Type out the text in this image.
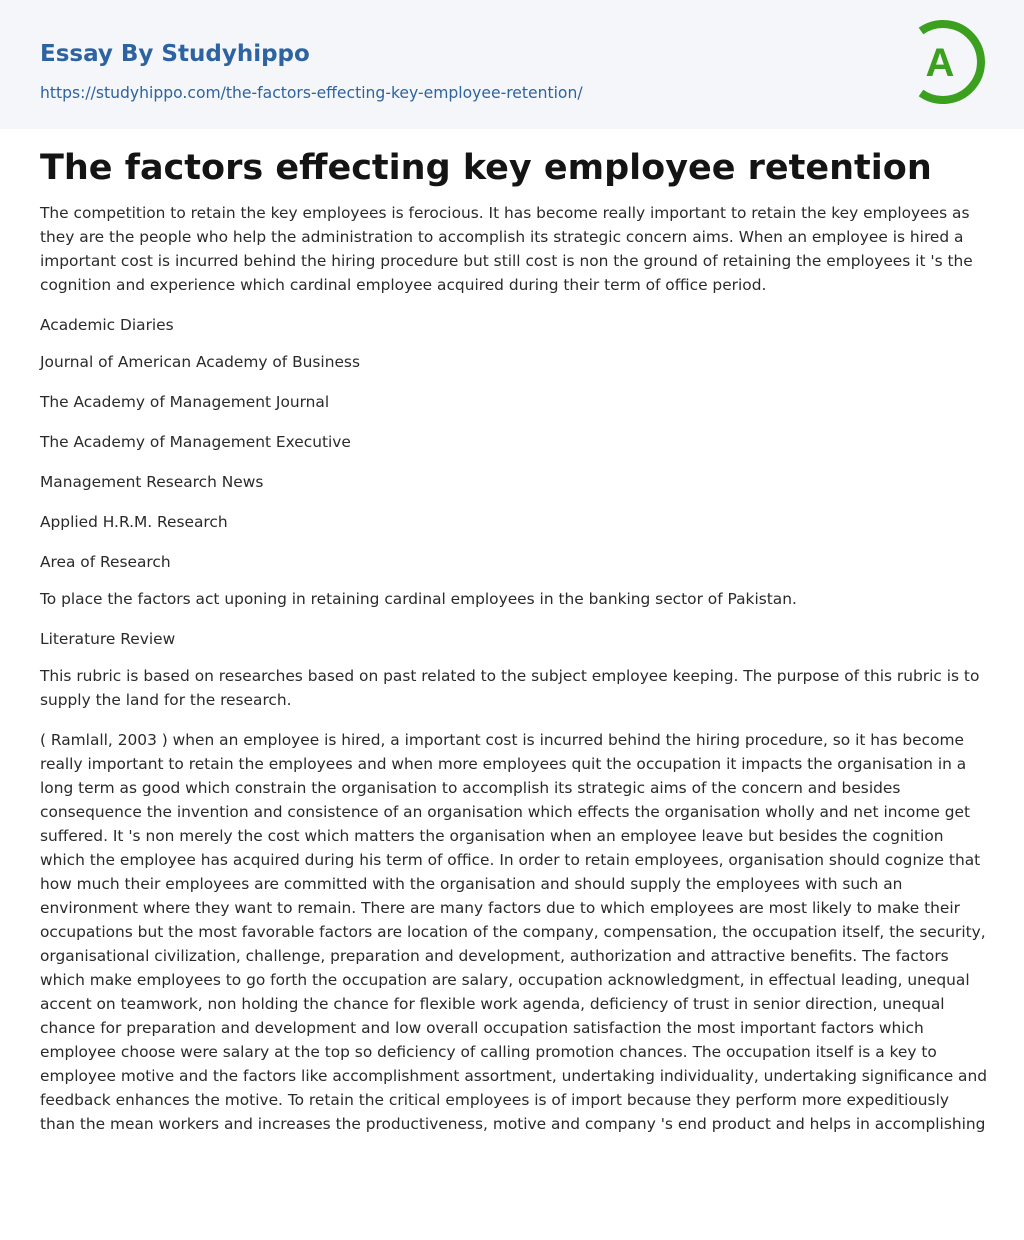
Essay By Studyhippo
https://studyhippo.com/the-factors-effecting-key-employee-retention/
A
The factors effecting key employee retention

The competition to retain the key employees is ferocious. It has become really important to retain the key employees as they are the people who help the administration to accomplish its strategic concern aims. When an employee is hired a important cost is incurred behind the hiring procedure but still cost is non the ground of retaining the employees it 's the cognition and experience which cardinal employee acquired during their term of office period.

Academic Diaries

Journal of American Academy of Business

The Academy of Management Journal

The Academy of Management Executive

Management Research News

Applied H.R.M. Research

Area of Research

To place the factors act uponing in retaining cardinal employees in the banking sector of Pakistan.

Literature Review

This rubric is based on researches based on past related to the subject employee keeping. The purpose of this rubric is to supply the land for the research.

( Ramlall, 2003 ) when an employee is hired, a important cost is incurred behind the hiring procedure, so it has become really important to retain the employees and when more employees quit the occupation it impacts the organisation in a long term as good which constrain the organisation to accomplish its strategic aims of the concern and besides consequence the invention and consistence of an organisation which effects the organisation wholly and net income get suffered. It 's non merely the cost which matters the organisation when an employee leave but besides the cognition which the employee has acquired during his term of office. In order to retain employees, organisation should cognize that how much their employees are committed with the organisation and should supply the employees with such an environment where they want to remain. There are many factors due to which employees are most likely to make their occupations but the most favorable factors are location of the company, compensation, the occupation itself, the security, organisational civilization, challenge, preparation and development, authorization and attractive benefits. The factors which make employees to go forth the occupation are salary, occupation acknowledgment, in effectual leading, unequal accent on teamwork, non holding the chance for flexible work agenda, deficiency of trust in senior direction, unequal chance for preparation and development and low overall occupation satisfaction the most important factors which employee choose were salary at the top so deficiency of calling promotion chances. The occupation itself is a key to employee motive and the factors like accomplishment assortment, undertaking individuality, undertaking significance and feedback enhances the motive. To retain the critical employees is of import because they perform more expeditiously than the mean workers and increases the productiveness, motive and company 's end product and helps in accomplishing
